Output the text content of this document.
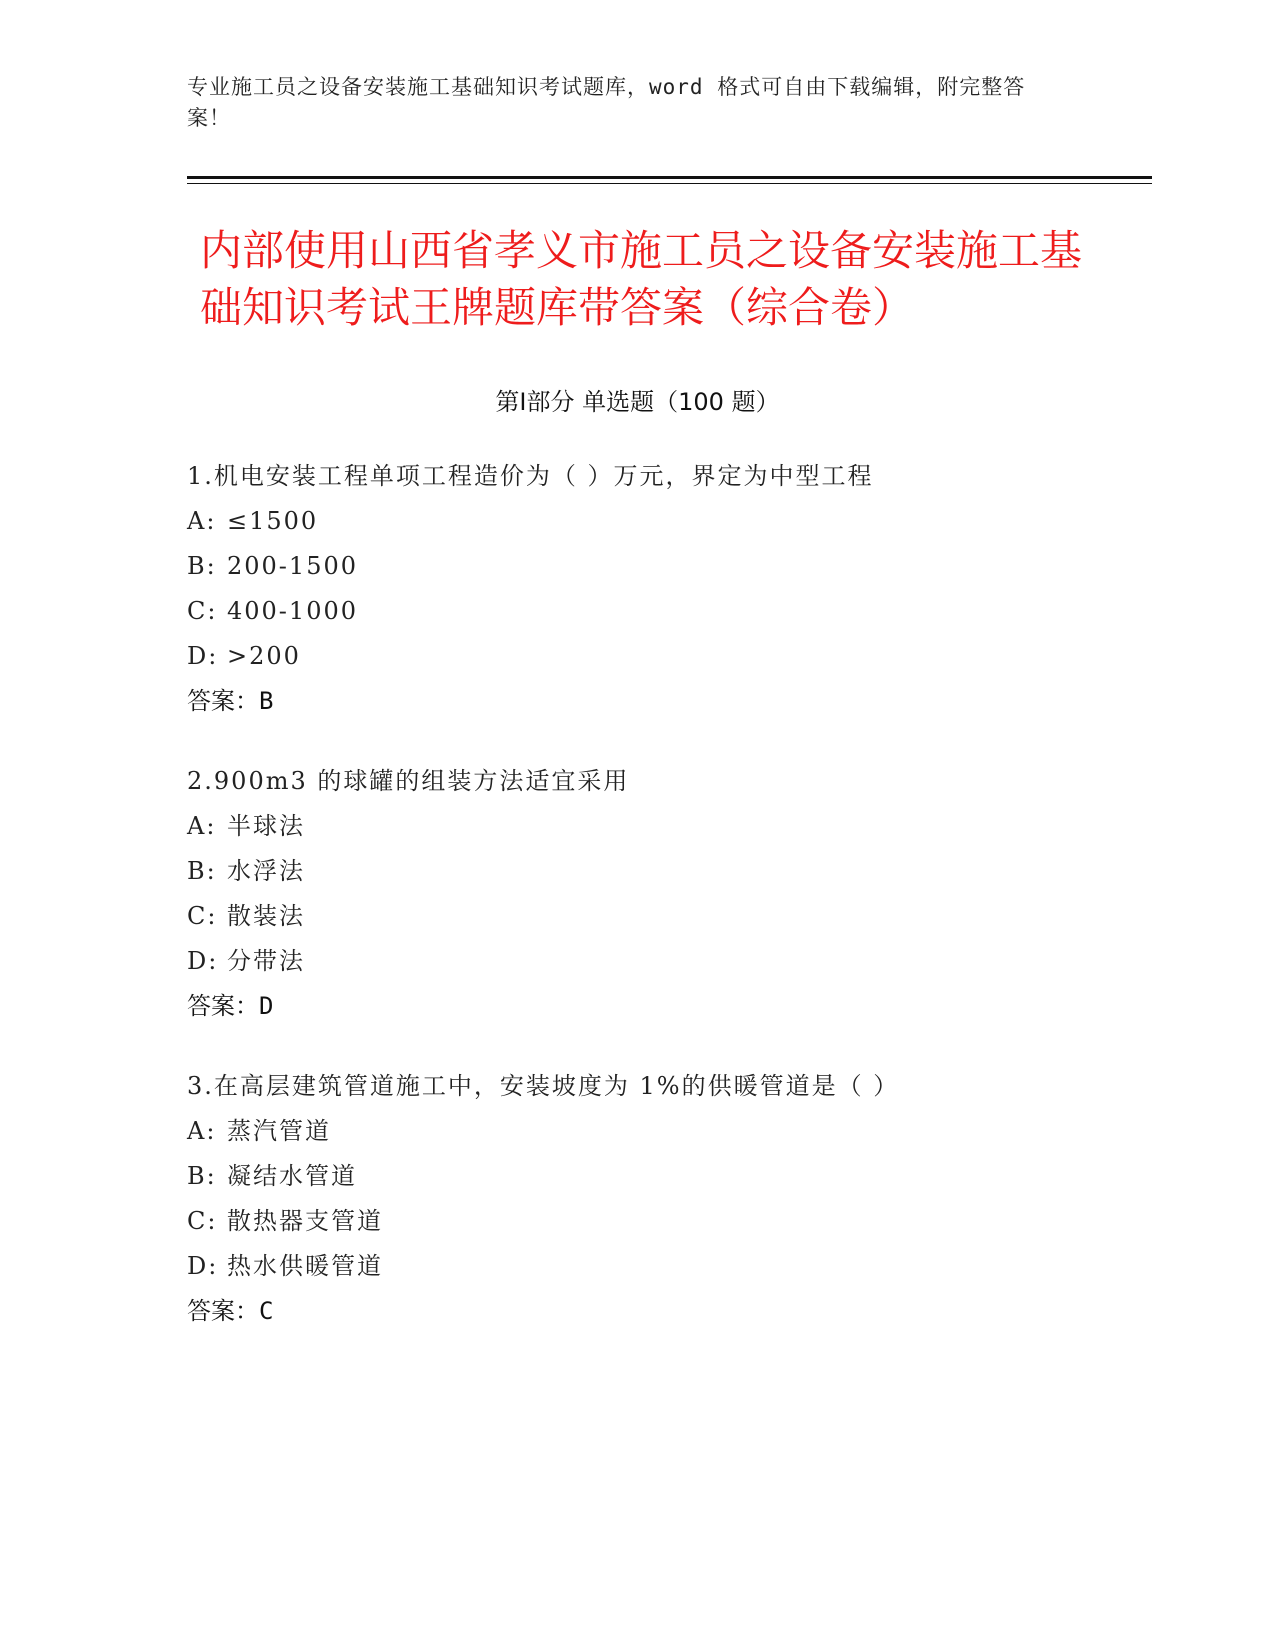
专业施工员之设备安装施工基础知识考试题库，word 格式可自由下载编辑，附完整答案！
内部使用山西省孝义市施工员之设备安装施工基础知识考试王牌题库带答案（综合卷）
第Ⅰ部分 单选题（100 题）
1.机电安装工程单项工程造价为（ ）万元，界定为中型工程
A: ≤1500
B: 200-1500
C: 400-1000
D: >200
答案：B
2.900m3 的球罐的组装方法适宜采用
A: 半球法
B: 水浮法
C: 散装法
D: 分带法
答案：D
3.在高层建筑管道施工中，安装坡度为 1%的供暖管道是（ ）
A: 蒸汽管道
B: 凝结水管道
C: 散热器支管道
D: 热水供暖管道
答案：C
